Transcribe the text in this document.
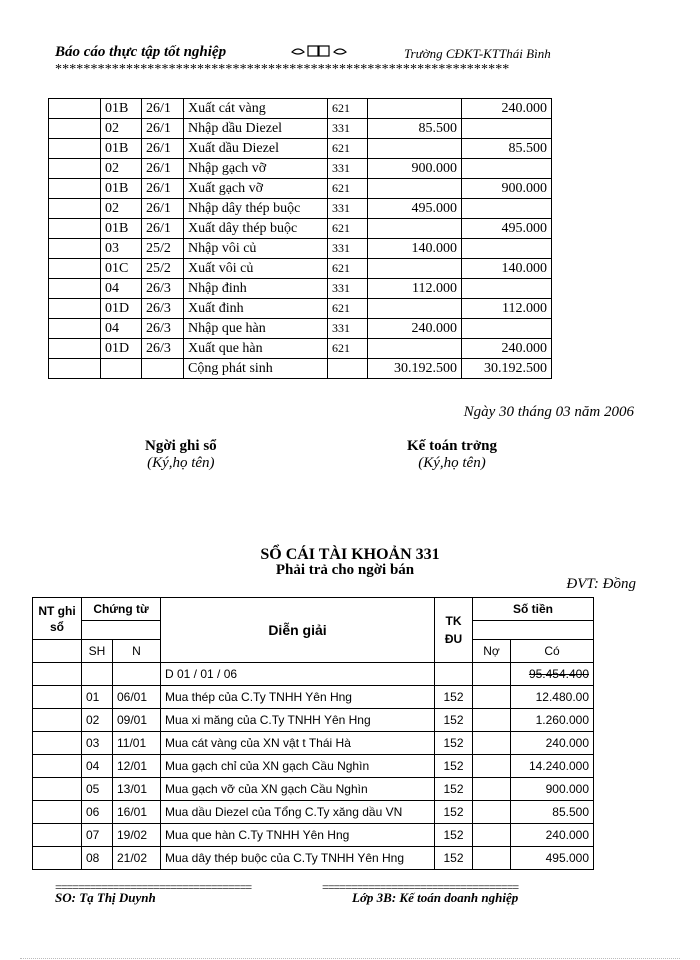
Báo cáo thực tập tốt nghiệp	Trường CĐKT-KTThái Bình
****************************************************************
	01B	26/1	Xuất cát vàng	621		240.000
	02	26/1	Nhập dầu Diezel	331	85.500	
	01B	26/1	Xuất dầu Diezel	621		85.500
	02	26/1	Nhập gạch vỡ	331	900.000	
	01B	26/1	Xuất gạch vỡ	621		900.000
	02	26/1	Nhập dây thép buộc	331	495.000	
	01B	26/1	Xuất dây thép buộc	621		495.000
	03	25/2	Nhập vôi củ	331	140.000	
	01C	25/2	Xuất vôi củ	621		140.000
	04	26/3	Nhập đinh	331	112.000	
	01D	26/3	Xuất đinh	621		112.000
	04	26/3	Nhập que hàn	331	240.000	
	01D	26/3	Xuất que hàn	621		240.000
			Cộng phát sinh		30.192.500	30.192.500
Ngày 30 tháng 03 năm 2006
Ngời ghi sổ
(Ký,họ tên)
Kế toán trởng
(Ký,họ tên)
SỔ CÁI TÀI KHOẢN 331
Phải trả cho ngời bán
ĐVT: Đồng
NT ghi sổ	Chứng từ		Diễn giải	TK ĐU	Số tiền	

	SH	N			Nợ	Có
			D 01 / 01 / 06			95.454.400
	01	06/01	Mua thép của C.Ty TNHH Yên Hng	152		12.480.00
	02	09/01	Mua xi măng của C.Ty TNHH Yên Hng	152		1.260.000
	03	11/01	Mua cát vàng của XN vật t Thái Hà	152		240.000
	04	12/01	Mua gạch chỉ của XN gạch Cầu Nghìn	152		14.240.000
	05	13/01	Mua gạch vỡ của XN gạch Cầu Nghìn	152		900.000
	06	16/01	Mua dầu Diezel của Tổng C.Ty xăng dầu VN	152		85.500
	07	19/02	Mua que hàn C.Ty TNHH Yên Hng	152		240.000
	08	21/02	Mua dây thép buộc của C.Ty TNHH Yên Hng	152		495.000
==================================	==================================
SO: Tạ Thị Duynh	Lớp 3B: Kế toán doanh nghiệp
